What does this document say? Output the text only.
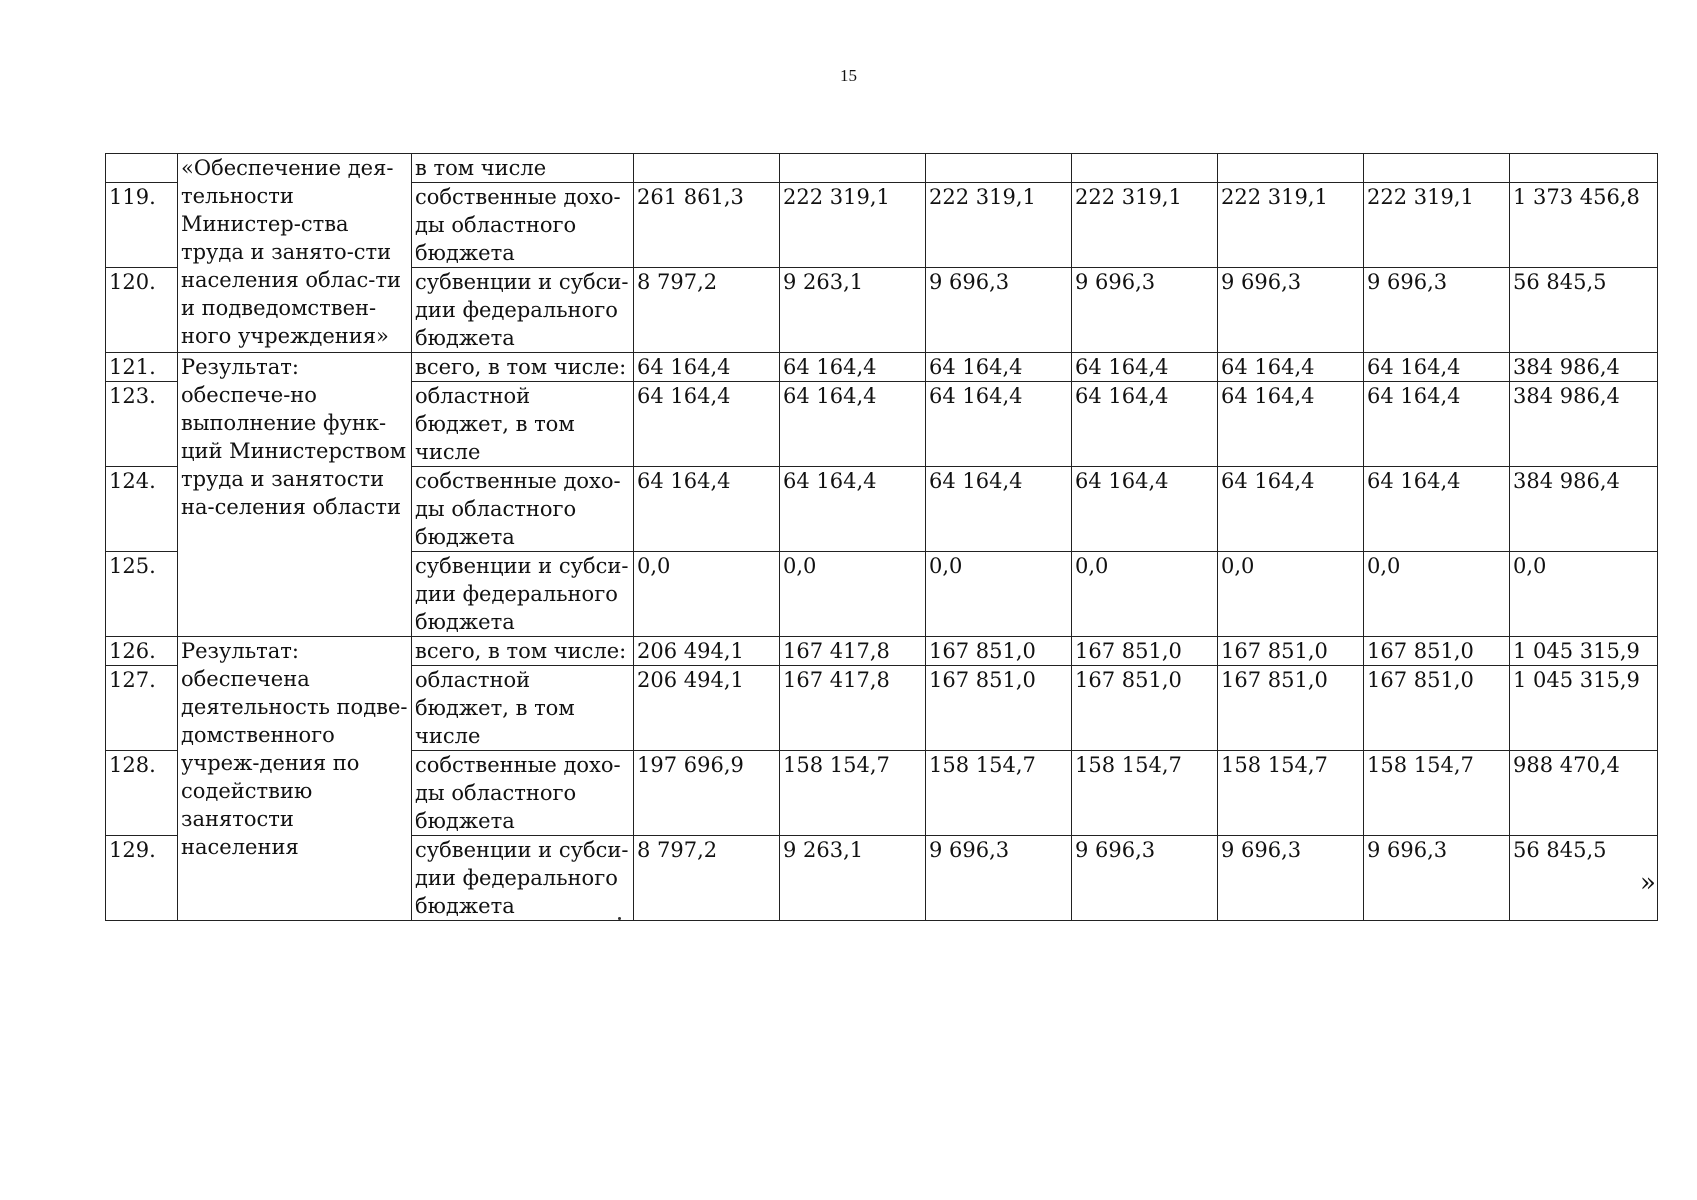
15
	«Обеспечение дея-тельности Министер-ства труда и занято-сти населения облас-ти и подведомствен-ного учреждения»	в том числе							
119.		собственные дохо-ды областного бюджета	261 861,3	222 319,1	222 319,1	222 319,1	222 319,1	222 319,1	1 373 456,8
120.		субвенции и субси-дии федерального бюджета	8 797,2	9 263,1	9 696,3	9 696,3	9 696,3	9 696,3	56 845,5
121.	Результат: обеспече-но выполнение функ-ций Министерством труда и занятости на-селения области	всего, в том числе:	64 164,4	64 164,4	64 164,4	64 164,4	64 164,4	64 164,4	384 986,4
123.		областной бюджет, в том числе	64 164,4	64 164,4	64 164,4	64 164,4	64 164,4	64 164,4	384 986,4
124.		собственные дохо-ды областного бюджета	64 164,4	64 164,4	64 164,4	64 164,4	64 164,4	64 164,4	384 986,4
125.		субвенции и субси-дии федерального бюджета	0,0	0,0	0,0	0,0	0,0	0,0	0,0
126.	Результат: обеспечена деятельность подве-домственного учреж-дения по содействию занятости населения	всего, в том числе:	206 494,1	167 417,8	167 851,0	167 851,0	167 851,0	167 851,0	1 045 315,9
127.		областной бюджет, в том числе	206 494,1	167 417,8	167 851,0	167 851,0	167 851,0	167 851,0	1 045 315,9
128.		собственные дохо-ды областного бюджета	197 696,9	158 154,7	158 154,7	158 154,7	158 154,7	158 154,7	988 470,4
129.		субвенции и субси-дии федерального бюджета	8 797,2	9 263,1	9 696,3	9 696,3	9 696,3	9 696,3	56 845,5
»
